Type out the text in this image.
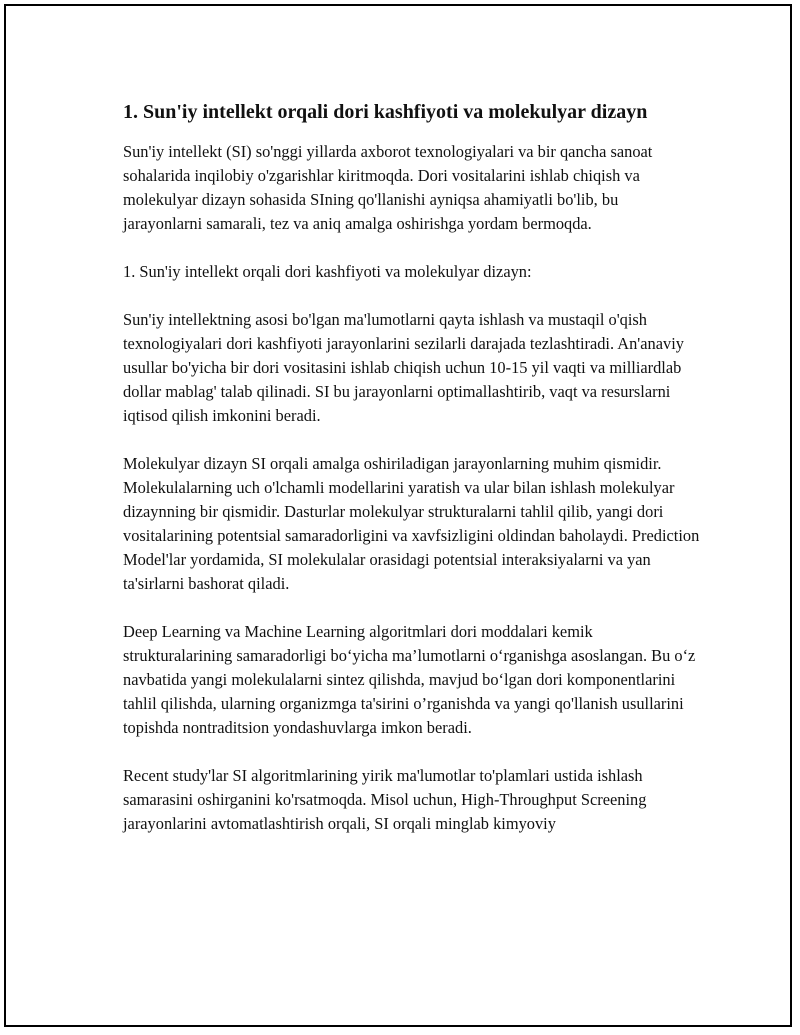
1. Sun'iy intellekt orqali dori kashfiyoti va molekulyar dizayn

Sun'iy intellekt (SI) so'nggi yillarda axborot texnologiyalari va bir qancha sanoat sohalarida inqilobiy o'zgarishlar kiritmoqda. Dori vositalarini ishlab chiqish va molekulyar dizayn sohasida SIning qo'llanishi ayniqsa ahamiyatli bo'lib, bu jarayonlarni samarali, tez va aniq amalga oshirishga yordam bermoqda.

1. Sun'iy intellekt orqali dori kashfiyoti va molekulyar dizayn:

Sun'iy intellektning asosi bo'lgan ma'lumotlarni qayta ishlash va mustaqil o'qish texnologiyalari dori kashfiyoti jarayonlarini sezilarli darajada tezlashtiradi. An'anaviy usullar bo'yicha bir dori vositasini ishlab chiqish uchun 10-15 yil vaqti va milliardlab dollar mablag' talab qilinadi. SI bu jarayonlarni optimallashtirib, vaqt va resurslarni iqtisod qilish imkonini beradi.

Molekulyar dizayn SI orqali amalga oshiriladigan jarayonlarning muhim qismidir. Molekulalarning uch o'lchamli modellarini yaratish va ular bilan ishlash molekulyar dizaynning bir qismidir. Dasturlar molekulyar strukturalarni tahlil qilib, yangi dori vositalarining potentsial samaradorligini va xavfsizligini oldindan baholaydi. Prediction Model'lar yordamida, SI molekulalar orasidagi potentsial interaksiyalarni va yan ta'sirlarni bashorat qiladi.

Deep Learning va Machine Learning algoritmlari dori moddalari kemik strukturalarining samaradorligi bo‘yicha ma’lumotlarni o‘rganishga asoslangan. Bu o‘z navbatida yangi molekulalarni sintez qilishda, mavjud bo‘lgan dori komponentlarini tahlil qilishda, ularning organizmga ta'sirini o’rganishda va yangi qo'llanish usullarini topishda nontraditsion yondashuvlarga imkon beradi.

Recent study'lar SI algoritmlarining yirik ma'lumotlar to'plamlari ustida ishlash samarasini oshirganini ko'rsatmoqda. Misol uchun, High-Throughput Screening jarayonlarini avtomatlashtirish orqali, SI orqali minglab kimyoviy
